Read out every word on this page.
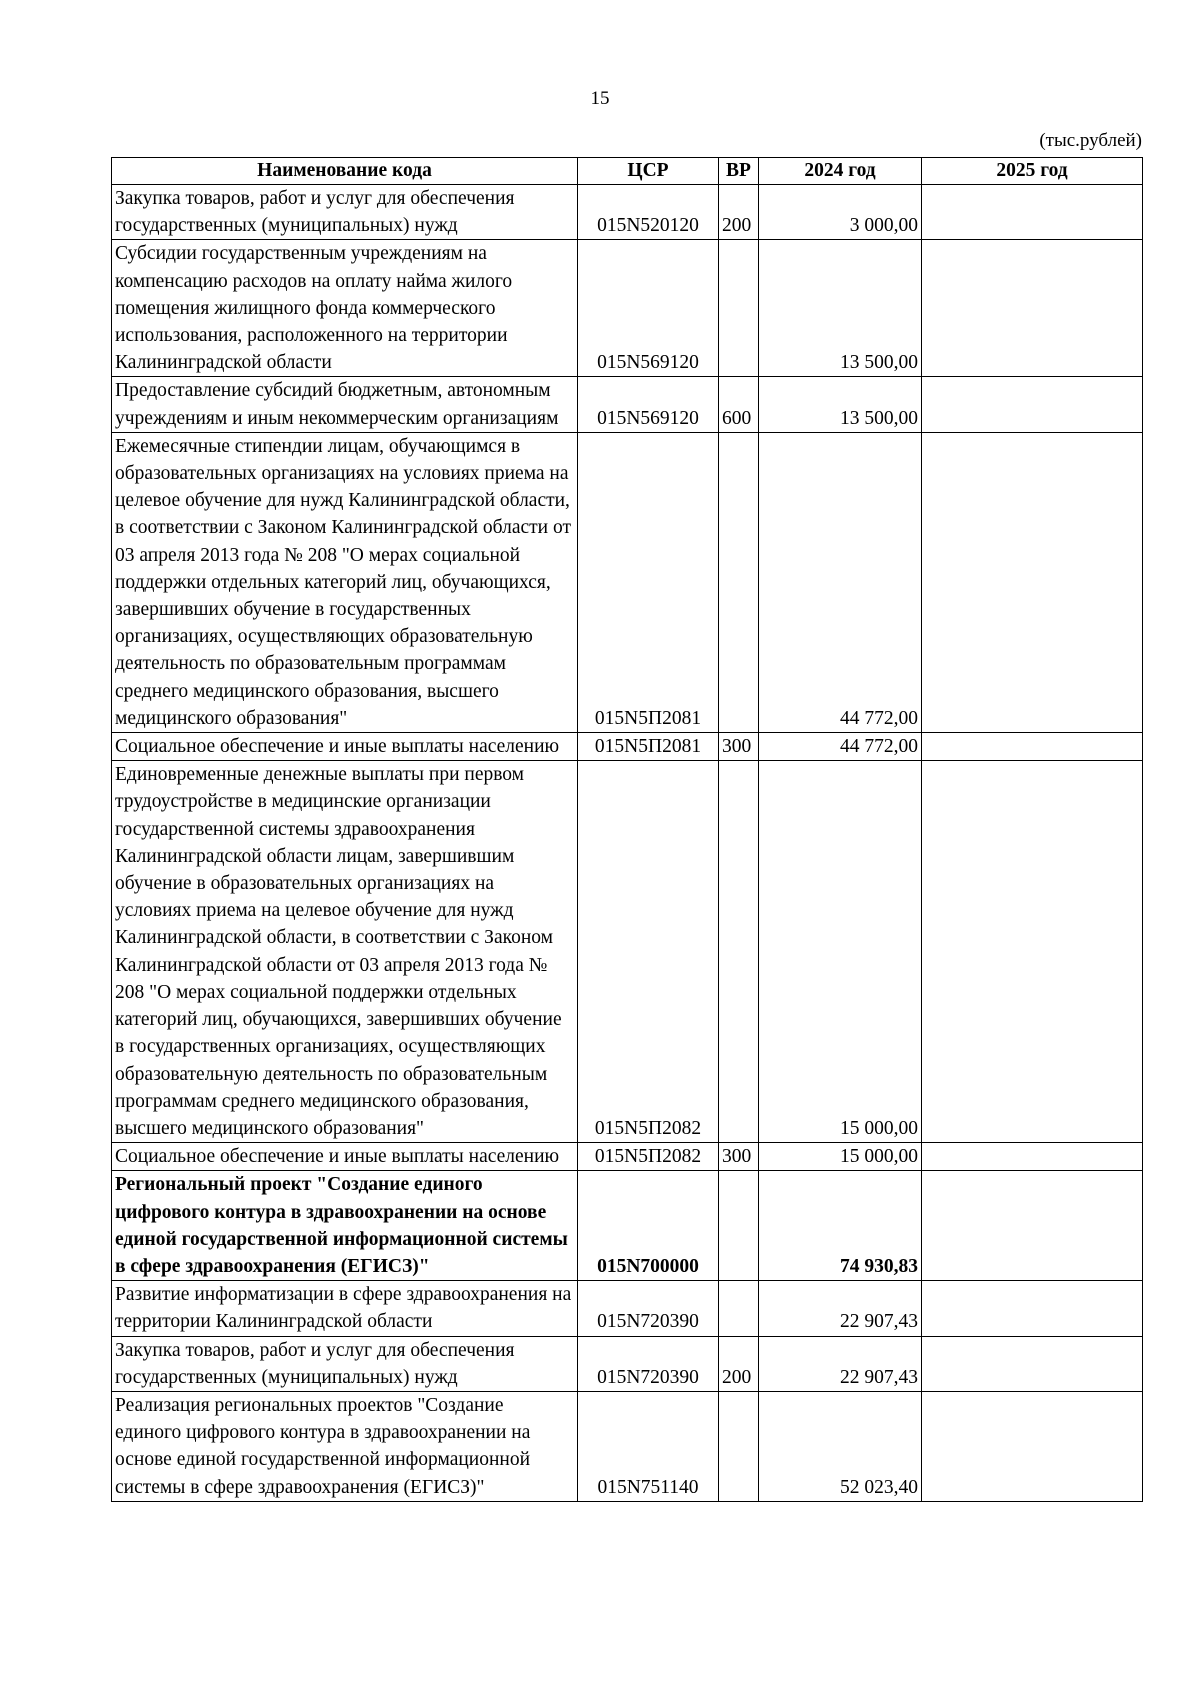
15
(тыс.рублей)
Наименование кода	ЦСР	ВР	2024 год	2025 год
Закупка товаров, работ и услуг для обеспечения государственных (муниципальных) нужд	015N520120	200	3 000,00	
Субсидии государственным учреждениям на компенсацию расходов на оплату найма жилого помещения жилищного фонда коммерческого использования, расположенного на территории Калининградской области	015N569120		13 500,00	
Предоставление субсидий бюджетным, автономным учреждениям и иным некоммерческим организациям	015N569120	600	13 500,00	
Ежемесячные стипендии лицам, обучающимся в образовательных организациях на условиях приема на целевое обучение для нужд Калининградской области, в соответствии с Законом Калининградской области от 03 апреля 2013 года № 208 "О мерах социальной поддержки отдельных категорий лиц, обучающихся, завершивших обучение в государственных организациях, осуществляющих образовательную деятельность по образовательным программам среднего медицинского образования, высшего медицинского образования"	015N5П2081		44 772,00	
Социальное обеспечение и иные выплаты населению	015N5П2081	300	44 772,00	
Единовременные денежные выплаты при первом трудоустройстве в медицинские организации государственной системы здравоохранения Калининградской области лицам, завершившим обучение в образовательных организациях на условиях приема на целевое обучение для нужд Калининградской области, в соответствии с Законом Калининградской области от 03 апреля 2013 года № 208 "О мерах социальной поддержки отдельных категорий лиц, обучающихся, завершивших обучение в государственных организациях, осуществляющих образовательную деятельность по образовательным программам среднего медицинского образования, высшего медицинского образования"	015N5П2082		15 000,00	
Социальное обеспечение и иные выплаты населению	015N5П2082	300	15 000,00	
Региональный проект "Создание единого цифрового контура в здравоохранении на основе единой государственной информационной системы в сфере здравоохранения (ЕГИСЗ)"	015N700000		74 930,83	
Развитие информатизации в сфере здравоохранения на территории Калининградской области	015N720390		22 907,43	
Закупка товаров, работ и услуг для обеспечения государственных (муниципальных) нужд	015N720390	200	22 907,43	
Реализация региональных проектов "Создание единого цифрового контура в здравоохранении на основе единой государственной информационной системы в сфере здравоохранения (ЕГИСЗ)"	015N751140		52 023,40	
